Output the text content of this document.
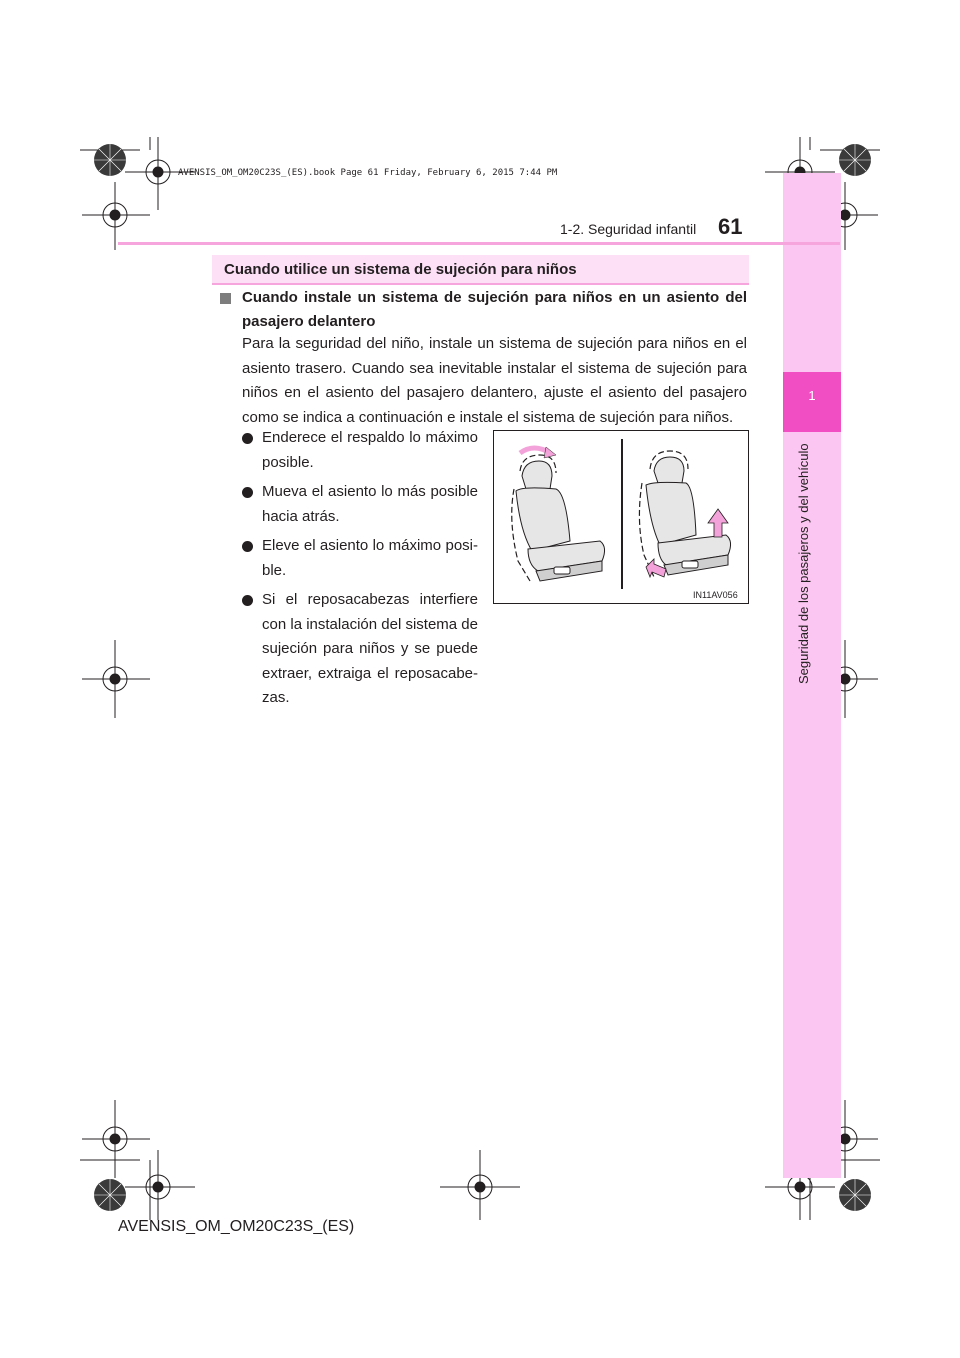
AVENSIS_OM_OM20C23S_(ES).book Page 61 Friday, February 6, 2015 7:44 PM
1
Seguridad de los pasajeros y del vehículo
1-2. Seguridad infantil 61
Cuando utilice un sistema de sujeción para niños
Cuando instale un sistema de sujeción para niños en un asiento del pasajero delantero
Para la seguridad del niño, instale un sistema de sujeción para niños en el asiento trasero. Cuando sea inevitable instalar el sistema de sujeción para niños en el asiento del pasajero delantero, ajuste el asiento del pasajero como se indica a continuación e instale el sistema de sujeción para niños.
Enderece el respaldo lo máximo posible.
Mueva el asiento lo más posible hacia atrás.
Eleve el asiento lo máximo posi-ble.
Si el reposacabezas interfiere con la instalación del sistema de sujeción para niños y se puede extraer, extraiga el reposacabe-zas.
IN11AV056
AVENSIS_OM_OM20C23S_(ES)
